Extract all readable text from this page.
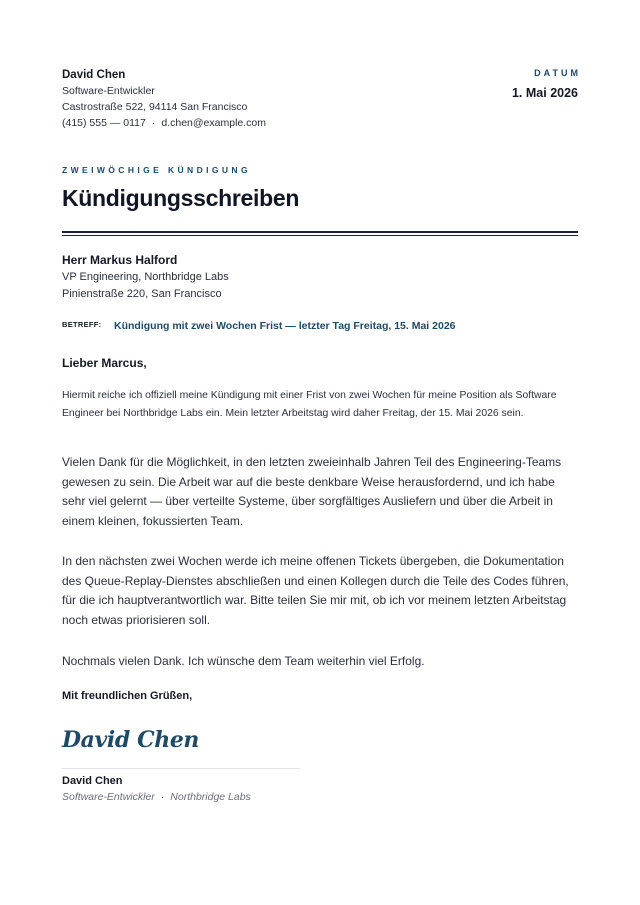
David Chen
Software-Entwickler
Castrostraße 522, 94114 San Francisco
(415) 555 — 0117 · d.chen@example.com
DATUM
1. Mai 2026
ZWEIWÖCHIGE KÜNDIGUNG
Kündigungsschreiben
Herr Markus Halford
VP Engineering, Northbridge Labs
Pinienstraße 220, San Francisco
BETREFF: Kündigung mit zwei Wochen Frist — letzter Tag Freitag, 15. Mai 2026
Lieber Marcus,

Hiermit reiche ich offiziell meine Kündigung mit einer Frist von zwei Wochen für meine Position als Software Engineer bei Northbridge Labs ein. Mein letzter Arbeitstag wird daher Freitag, der 15. Mai 2026 sein.

Vielen Dank für die Möglichkeit, in den letzten zweieinhalb Jahren Teil des Engineering-Teams gewesen zu sein. Die Arbeit war auf die beste denkbare Weise herausfordernd, und ich habe sehr viel gelernt — über verteilte Systeme, über sorgfältiges Ausliefern und über die Arbeit in einem kleinen, fokussierten Team.

In den nächsten zwei Wochen werde ich meine offenen Tickets übergeben, die Dokumentation des Queue-Replay-Dienstes abschließen und einen Kollegen durch die Teile des Codes führen, für die ich hauptverantwortlich war. Bitte teilen Sie mir mit, ob ich vor meinem letzten Arbeitstag noch etwas priorisieren soll.

Nochmals vielen Dank. Ich wünsche dem Team weiterhin viel Erfolg.

Mit freundlichen Grüßen,
David Chen
David Chen
Software-Entwickler · Northbridge Labs
